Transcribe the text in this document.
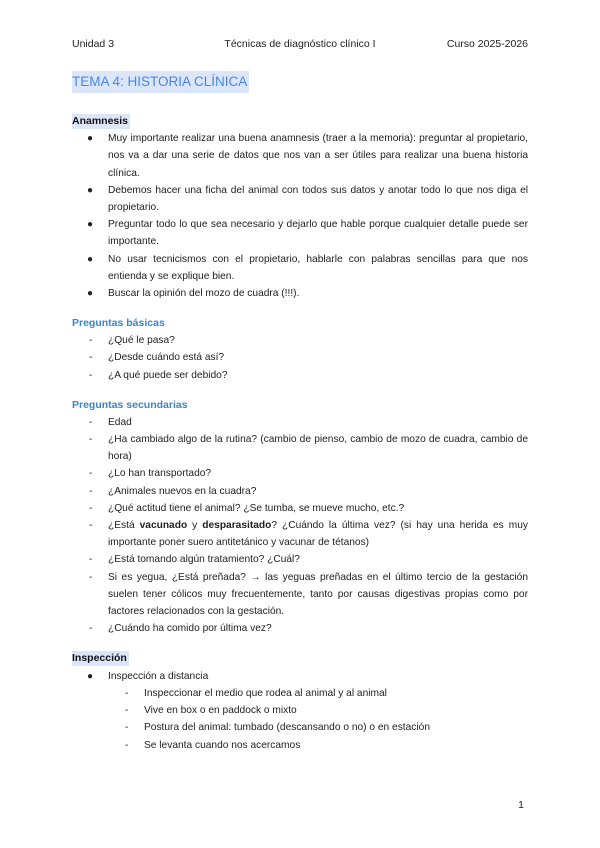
Unidad 3	Técnicas de diagnóstico clínico I	Curso 2025-2026
TEMA 4: HISTORIA CLÍNICA
Anamnesis
● Muy importante realizar una buena anamnesis (traer a la memoria): preguntar al propietario, nos va a dar una serie de datos que nos van a ser útiles para realizar una buena historia clínica.
● Debemos hacer una ficha del animal con todos sus datos y anotar todo lo que nos diga el propietario.
● Preguntar todo lo que sea necesario y dejarlo que hable porque cualquier detalle puede ser importante.
● No usar tecnicismos con el propietario, hablarle con palabras sencillas para que nos entienda y se explique bien.
● Buscar la opinión del mozo de cuadra (!!!).
Preguntas básicas
- ¿Qué le pasa?
- ¿Desde cuándo está así?
- ¿A qué puede ser debido?
Preguntas secundarias
- Edad
- ¿Ha cambiado algo de la rutina? (cambio de pienso, cambio de mozo de cuadra, cambio de hora)
- ¿Lo han transportado?
- ¿Animales nuevos en la cuadra?
- ¿Qué actitud tiene el animal? ¿Se tumba, se mueve mucho, etc.?
- ¿Está vacunado y desparasitado? ¿Cuándo la última vez? (si hay una herida es muy importante poner suero antitetánico y vacunar de tétanos)
- ¿Está tomando algún tratamiento? ¿Cuál?
- Si es yegua, ¿Está preñada? → las yeguas preñadas en el último tercio de la gestación suelen tener cólicos muy frecuentemente, tanto por causas digestivas propias como por factores relacionados con la gestación.
- ¿Cuándo ha comido por última vez?
Inspección
● Inspección a distancia
- Inspeccionar el medio que rodea al animal y al animal
- Vive en box o en paddock o mixto
- Postura del animal: tumbado (descansando o no) o en estación
- Se levanta cuando nos acercamos
1
